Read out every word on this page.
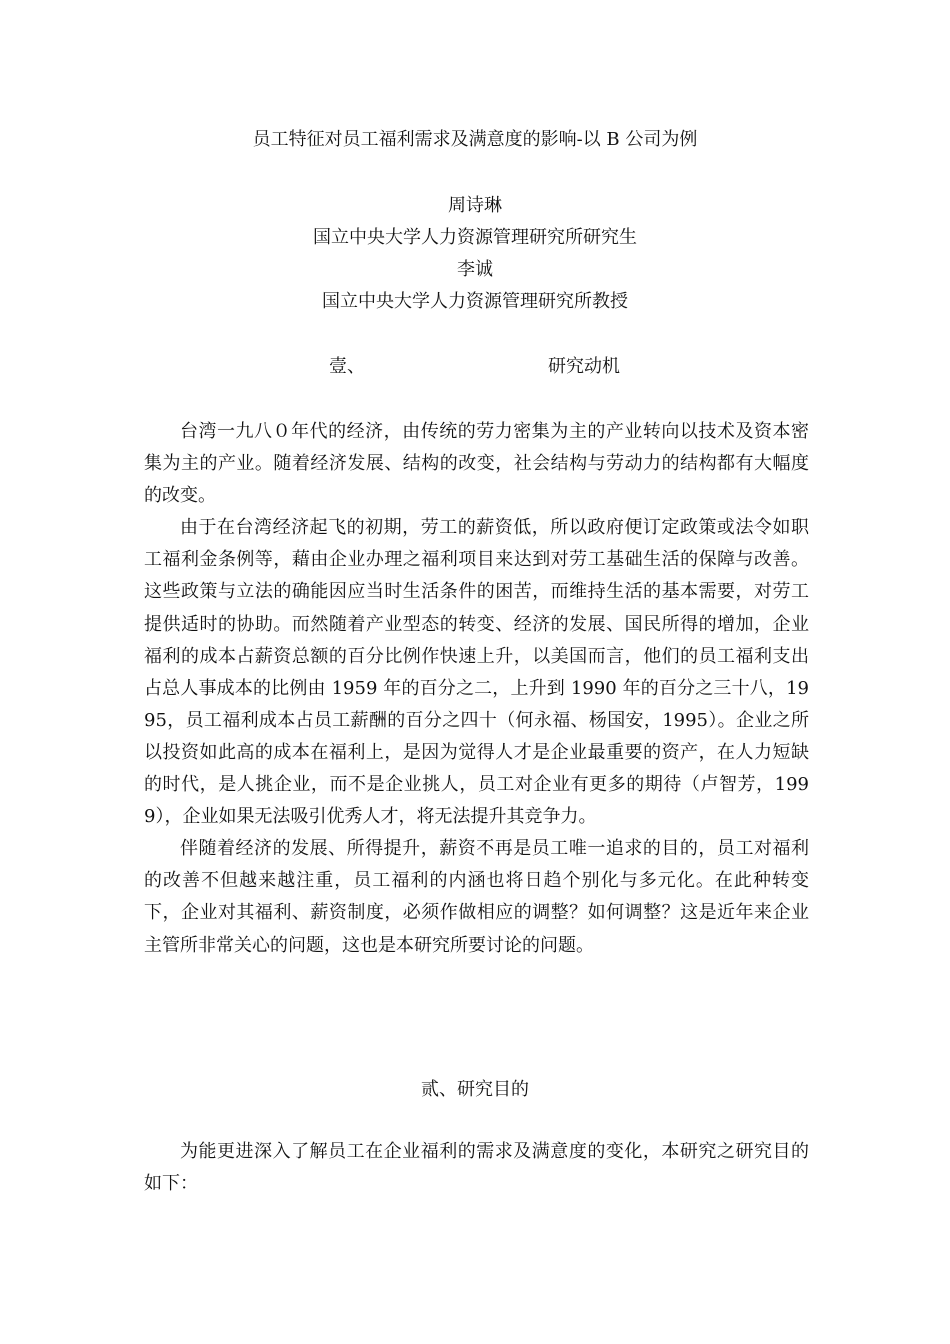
员工特征对员工福利需求及满意度的影响-以 B 公司为例
周诗琳
国立中央大学人力资源管理研究所研究生
李诚
国立中央大学人力资源管理研究所教授
壹、	研究动机

台湾一九八０年代的经济，由传统的劳力密集为主的产业转向以技术及资本密集为主的产业。随着经济发展、结构的改变，社会结构与劳动力的结构都有大幅度的改变。

由于在台湾经济起飞的初期，劳工的薪资低，所以政府便订定政策或法令如职工福利金条例等，藉由企业办理之福利项目来达到对劳工基础生活的保障与改善。这些政策与立法的确能因应当时生活条件的困苦，而维持生活的基本需要，对劳工提供适时的协助。而然随着产业型态的转变、经济的发展、国民所得的增加，企业福利的成本占薪资总额的百分比例作快速上升，以美国而言，他们的员工福利支出占总人事成本的比例由 1959 年的百分之二，上升到 1990 年的百分之三十八，1995，员工福利成本占员工薪酬的百分之四十（何永福、杨国安，1995）。企业之所以投资如此高的成本在福利上，是因为觉得人才是企业最重要的资产，在人力短缺的时代，是人挑企业，而不是企业挑人，员工对企业有更多的期待（卢智芳，1999），企业如果无法吸引优秀人才，将无法提升其竞争力。

伴随着经济的发展、所得提升，薪资不再是员工唯一追求的目的，员工对福利的改善不但越来越注重，员工福利的内涵也将日趋个别化与多元化。在此种转变下，企业对其福利、薪资制度，必须作做相应的调整？如何调整？这是近年来企业主管所非常关心的问题，这也是本研究所要讨论的问题。

贰、研究目的

为能更进深入了解员工在企业福利的需求及满意度的变化，本研究之研究目的如下：
